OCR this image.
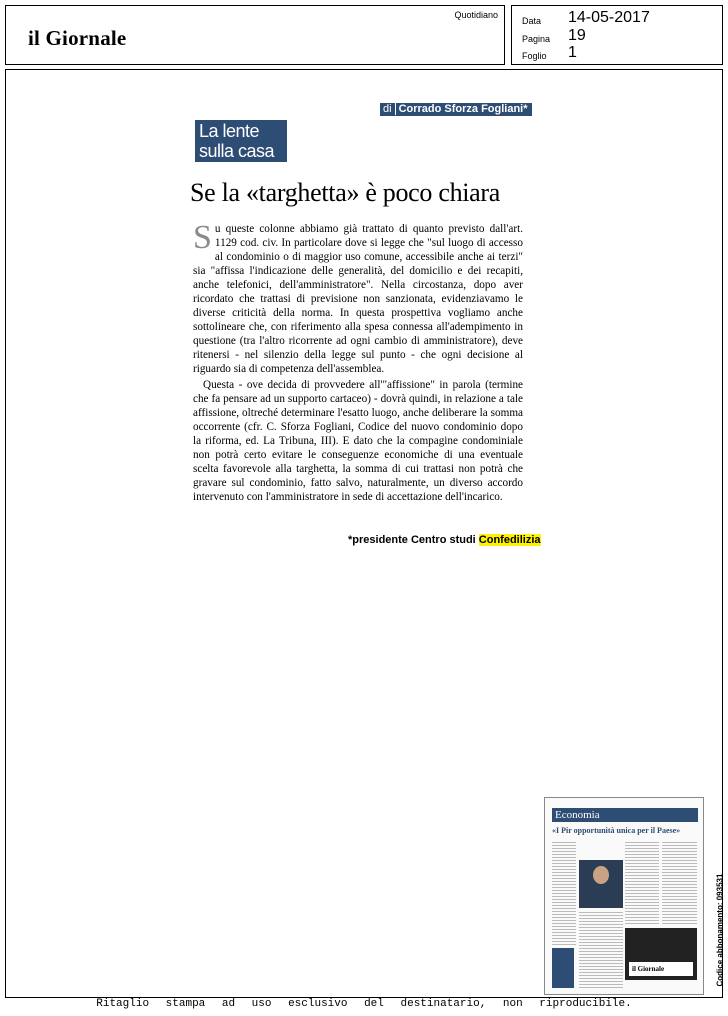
il Giornale
Quotidiano
Data 14-05-2017
Pagina 19
Foglio 1
di Corrado Sforza Fogliani*
La lente sulla casa
Se la «targhetta» è poco chiara

Su queste colonne abbiamo già trattato di quanto previsto dall'art. 1129 cod. civ. In particolare dove si legge che "sul luogo di accesso al condominio o di maggior uso comune, accessibile anche ai terzi" sia "affissa l'indicazione delle generalità, del domicilio e dei recapiti, anche telefonici, dell'amministratore". Nella circostanza, dopo aver ricordato che trattasi di previsione non sanzionata, evidenziavamo le diverse criticità della norma. In questa prospettiva vogliamo anche sottolineare che, con riferimento alla spesa connessa all'adempimento in questione (tra l'altro ricorrente ad ogni cambio di amministratore), deve ritenersi - nel silenzio della legge sul punto - che ogni decisione al riguardo sia di competenza dell'assemblea.

Questa - ove decida di provvedere all'"affissione" in parola (termine che fa pensare ad un supporto cartaceo) - dovrà quindi, in relazione a tale affissione, oltreché determinare l'esatto luogo, anche deliberare la somma occorrente (cfr. C. Sforza Fogliani, Codice del nuovo condominio dopo la riforma, ed. La Tribuna, III). E dato che la compagine condominiale non potrà certo evitare le conseguenze economiche di una eventuale scelta favorevole alla targhetta, la somma di cui trattasi non potrà che gravare sul condominio, fatto salvo, naturalmente, un diverso accordo intervenuto con l'amministratore in sede di accettazione dell'incarico.

*presidente Centro studi Confedilizia
Economia
«I Pir opportunità unica per il Paese»
il Giornale	Codice abbonamento: 093531
Ritaglio stampa ad uso esclusivo del destinatario, non riproducibile.
